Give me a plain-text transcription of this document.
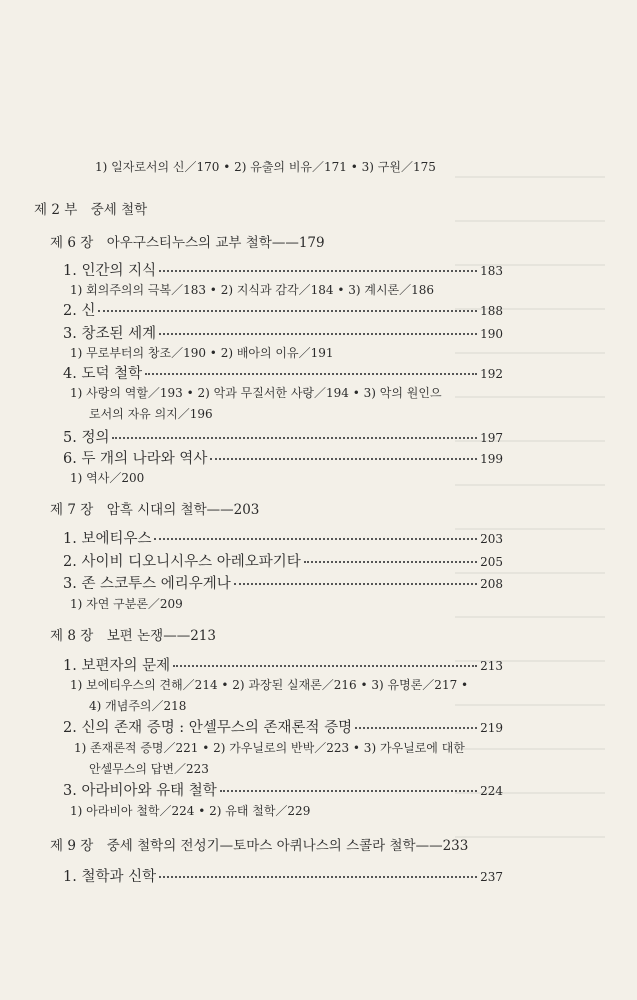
1) 일자로서의 신／170 • 2) 유출의 비유／171 • 3) 구원／175
제 2 부　중세 철학
제 6 장　아우구스티누스의 교부 철학——179
1. 인간의 지식	183
1) 회의주의의 극복／183 • 2) 지식과 감각／184 • 3) 계시론／186
2. 신	188
3. 창조된 세계	190
1) 무로부터의 창조／190 • 2) 배아의 이유／191
4. 도덕 철학	192
1) 사랑의 역할／193 • 2) 악과 무질서한 사랑／194 • 3) 악의 원인으
로서의 자유 의지／196
5. 정의	197
6. 두 개의 나라와 역사	199
1) 역사／200
제 7 장　암흑 시대의 철학——203
1. 보에티우스	203
2. 사이비 디오니시우스 아레오파기타	205
3. 존 스코투스 에리우게나	208
1) 자연 구분론／209
제 8 장　보편 논쟁——213
1. 보편자의 문제	213
1) 보에티우스의 견해／214 • 2) 과장된 실재론／216 • 3) 유명론／217 •
4) 개념주의／218
2. 신의 존재 증명 : 안셀무스의 존재론적 증명	219
1) 존재론적 증명／221 • 2) 가우닐로의 반박／223 • 3) 가우닐로에 대한
안셀무스의 답변／223
3. 아라비아와 유태 철학	224
1) 아라비아 철학／224 • 2) 유태 철학／229
제 9 장　중세 철학의 전성기—토마스 아퀴나스의 스콜라 철학——233
1. 철학과 신학	237
